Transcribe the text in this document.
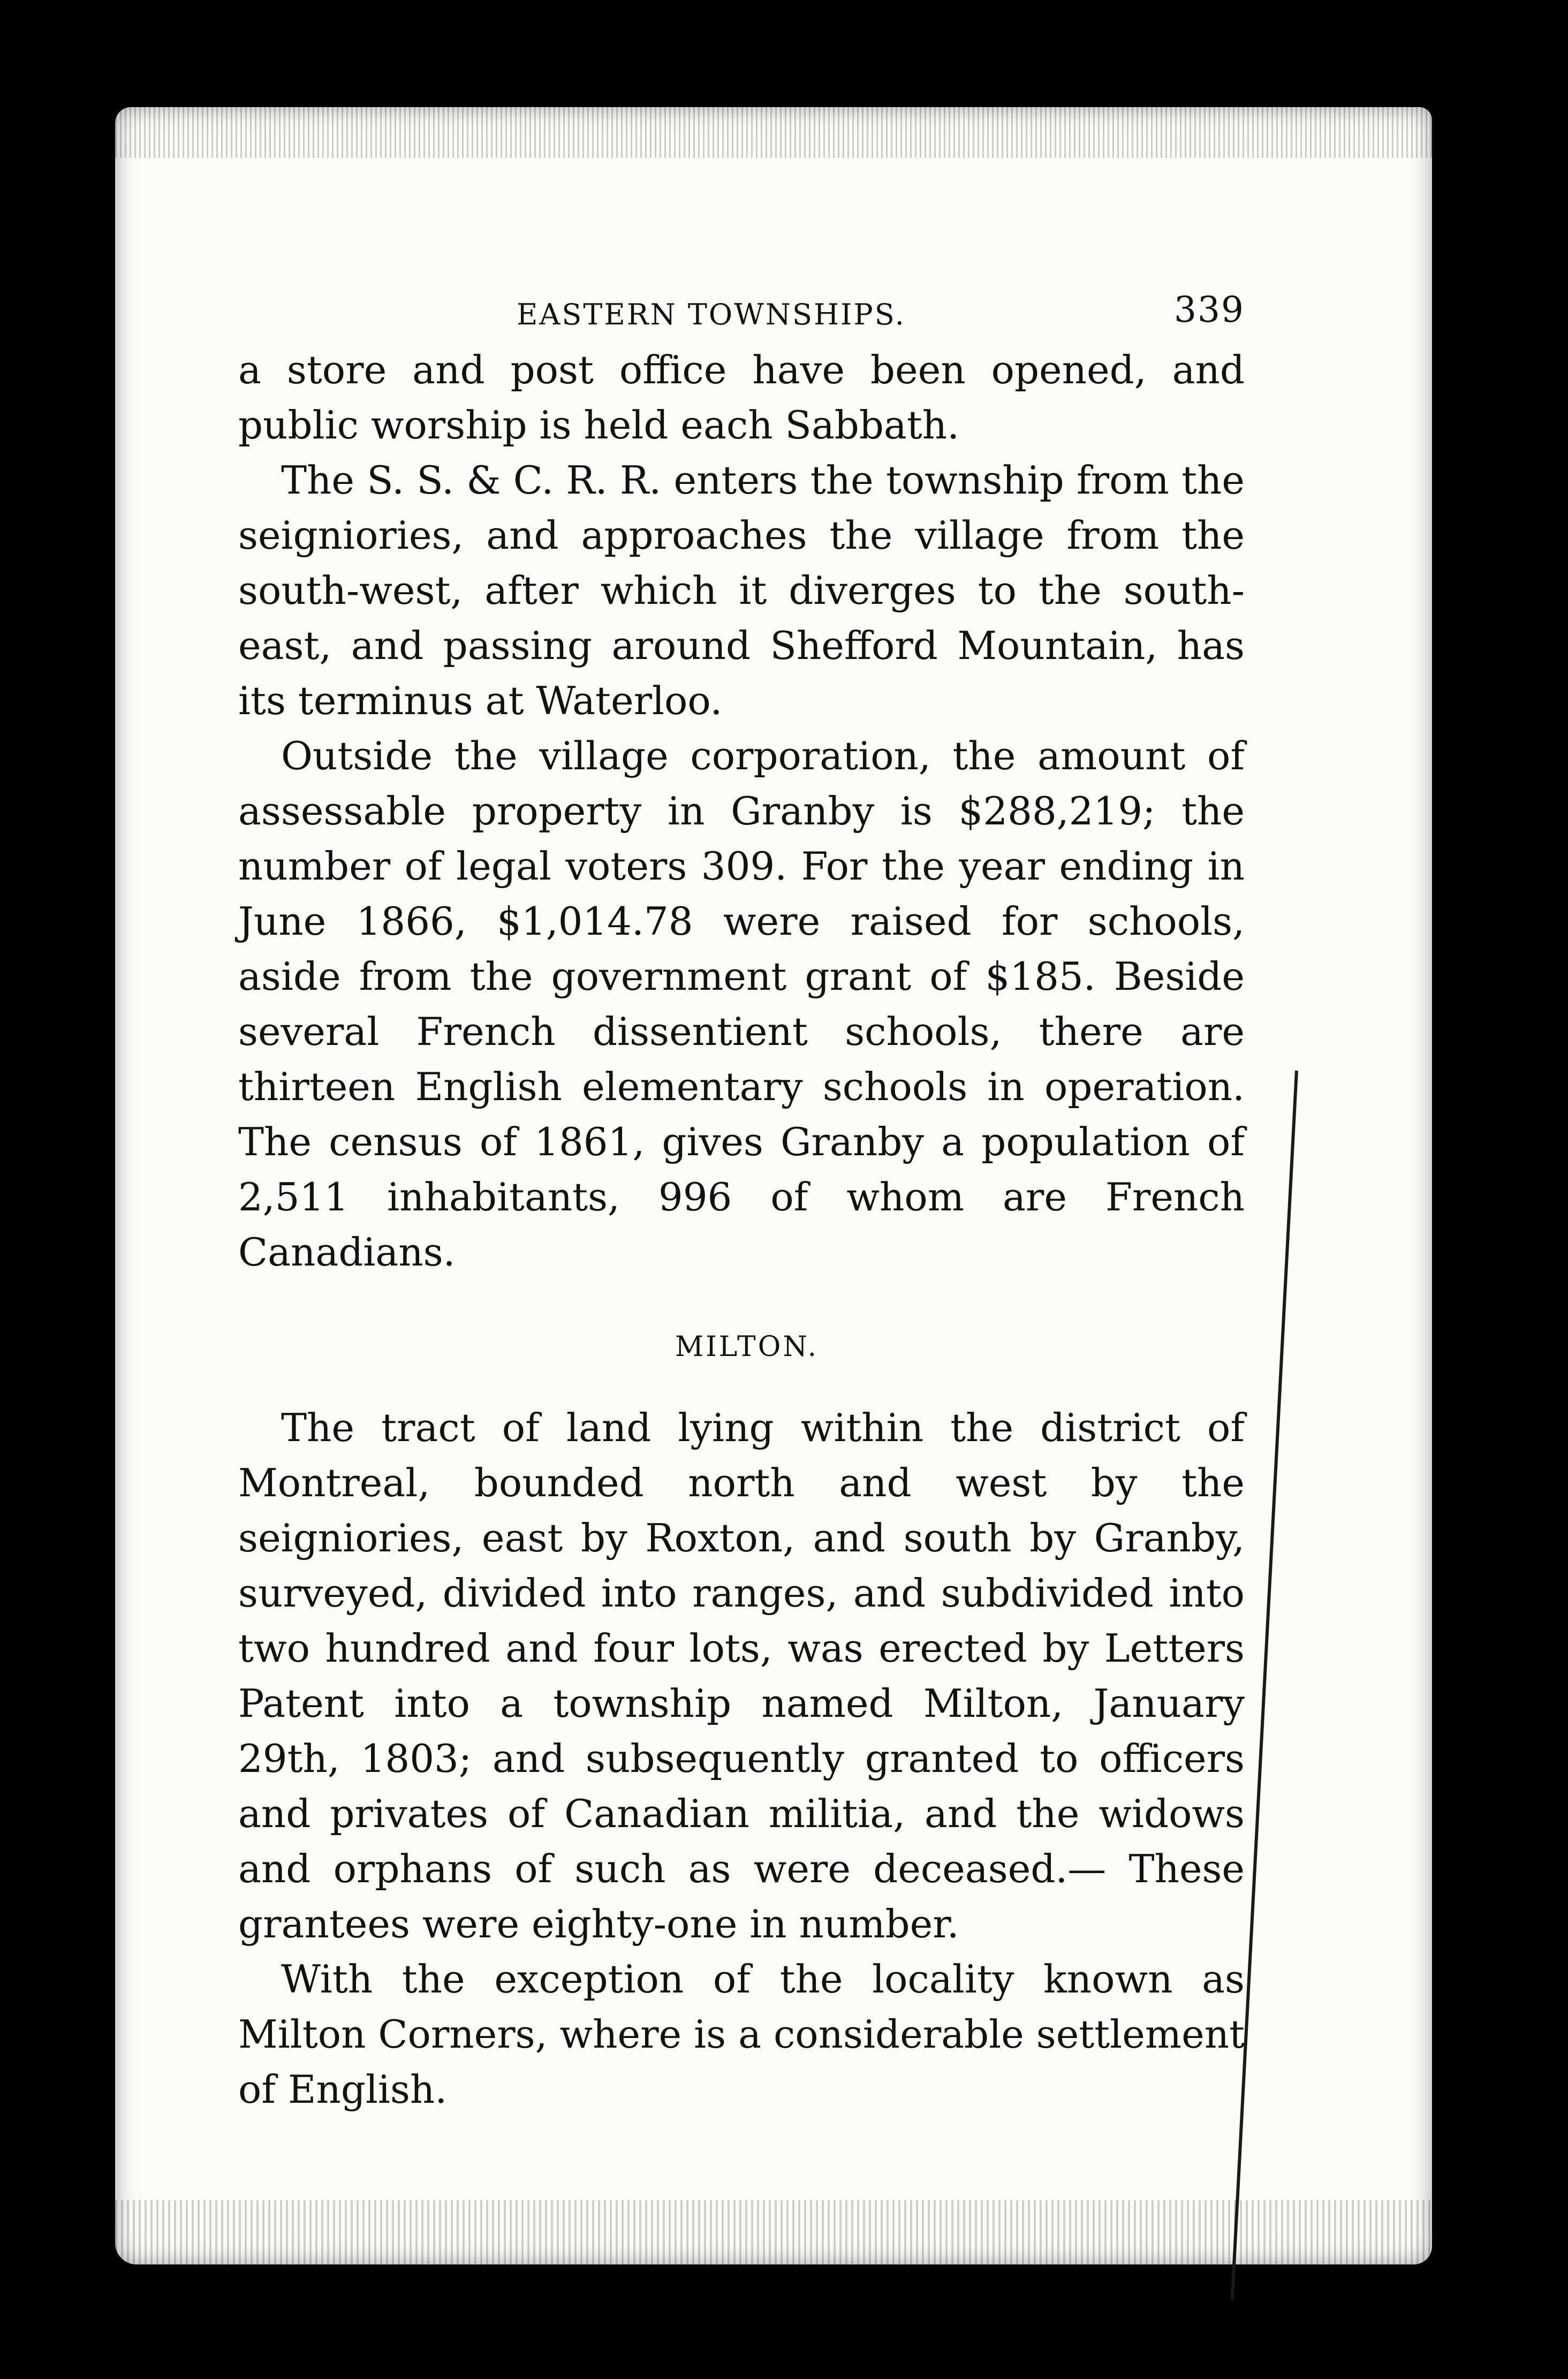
EASTERN TOWNSHIPS.	339

a store and post office have been opened, and public worship is held each Sabbath.

The S. S. & C. R. R. enters the township from the seigniories, and approaches the village from the south-west, after which it diverges to the south-east, and passing around Shefford Mountain, has its terminus at Waterloo.

Outside the village corporation, the amount of assessable property in Granby is $288,219; the number of legal voters 309. For the year ending in June 1866, $1,014.78 were raised for schools, aside from the government grant of $185. Beside several French dissentient schools, there are thirteen English elementary schools in operation. The census of 1861, gives Granby a population of 2,511 inhabitants, 996 of whom are French Canadians.

MILTON.

The tract of land lying within the district of Montreal, bounded north and west by the seigniories, east by Roxton, and south by Granby, surveyed, divided into ranges, and subdivided into two hundred and four lots, was erected by Letters Patent into a township named Milton, January 29th, 1803; and subsequently granted to officers and privates of Canadian militia, and the widows and orphans of such as were deceased.— These grantees were eighty-one in number.

With the exception of the locality known as Milton Corners, where is a considerable settlement of English.
